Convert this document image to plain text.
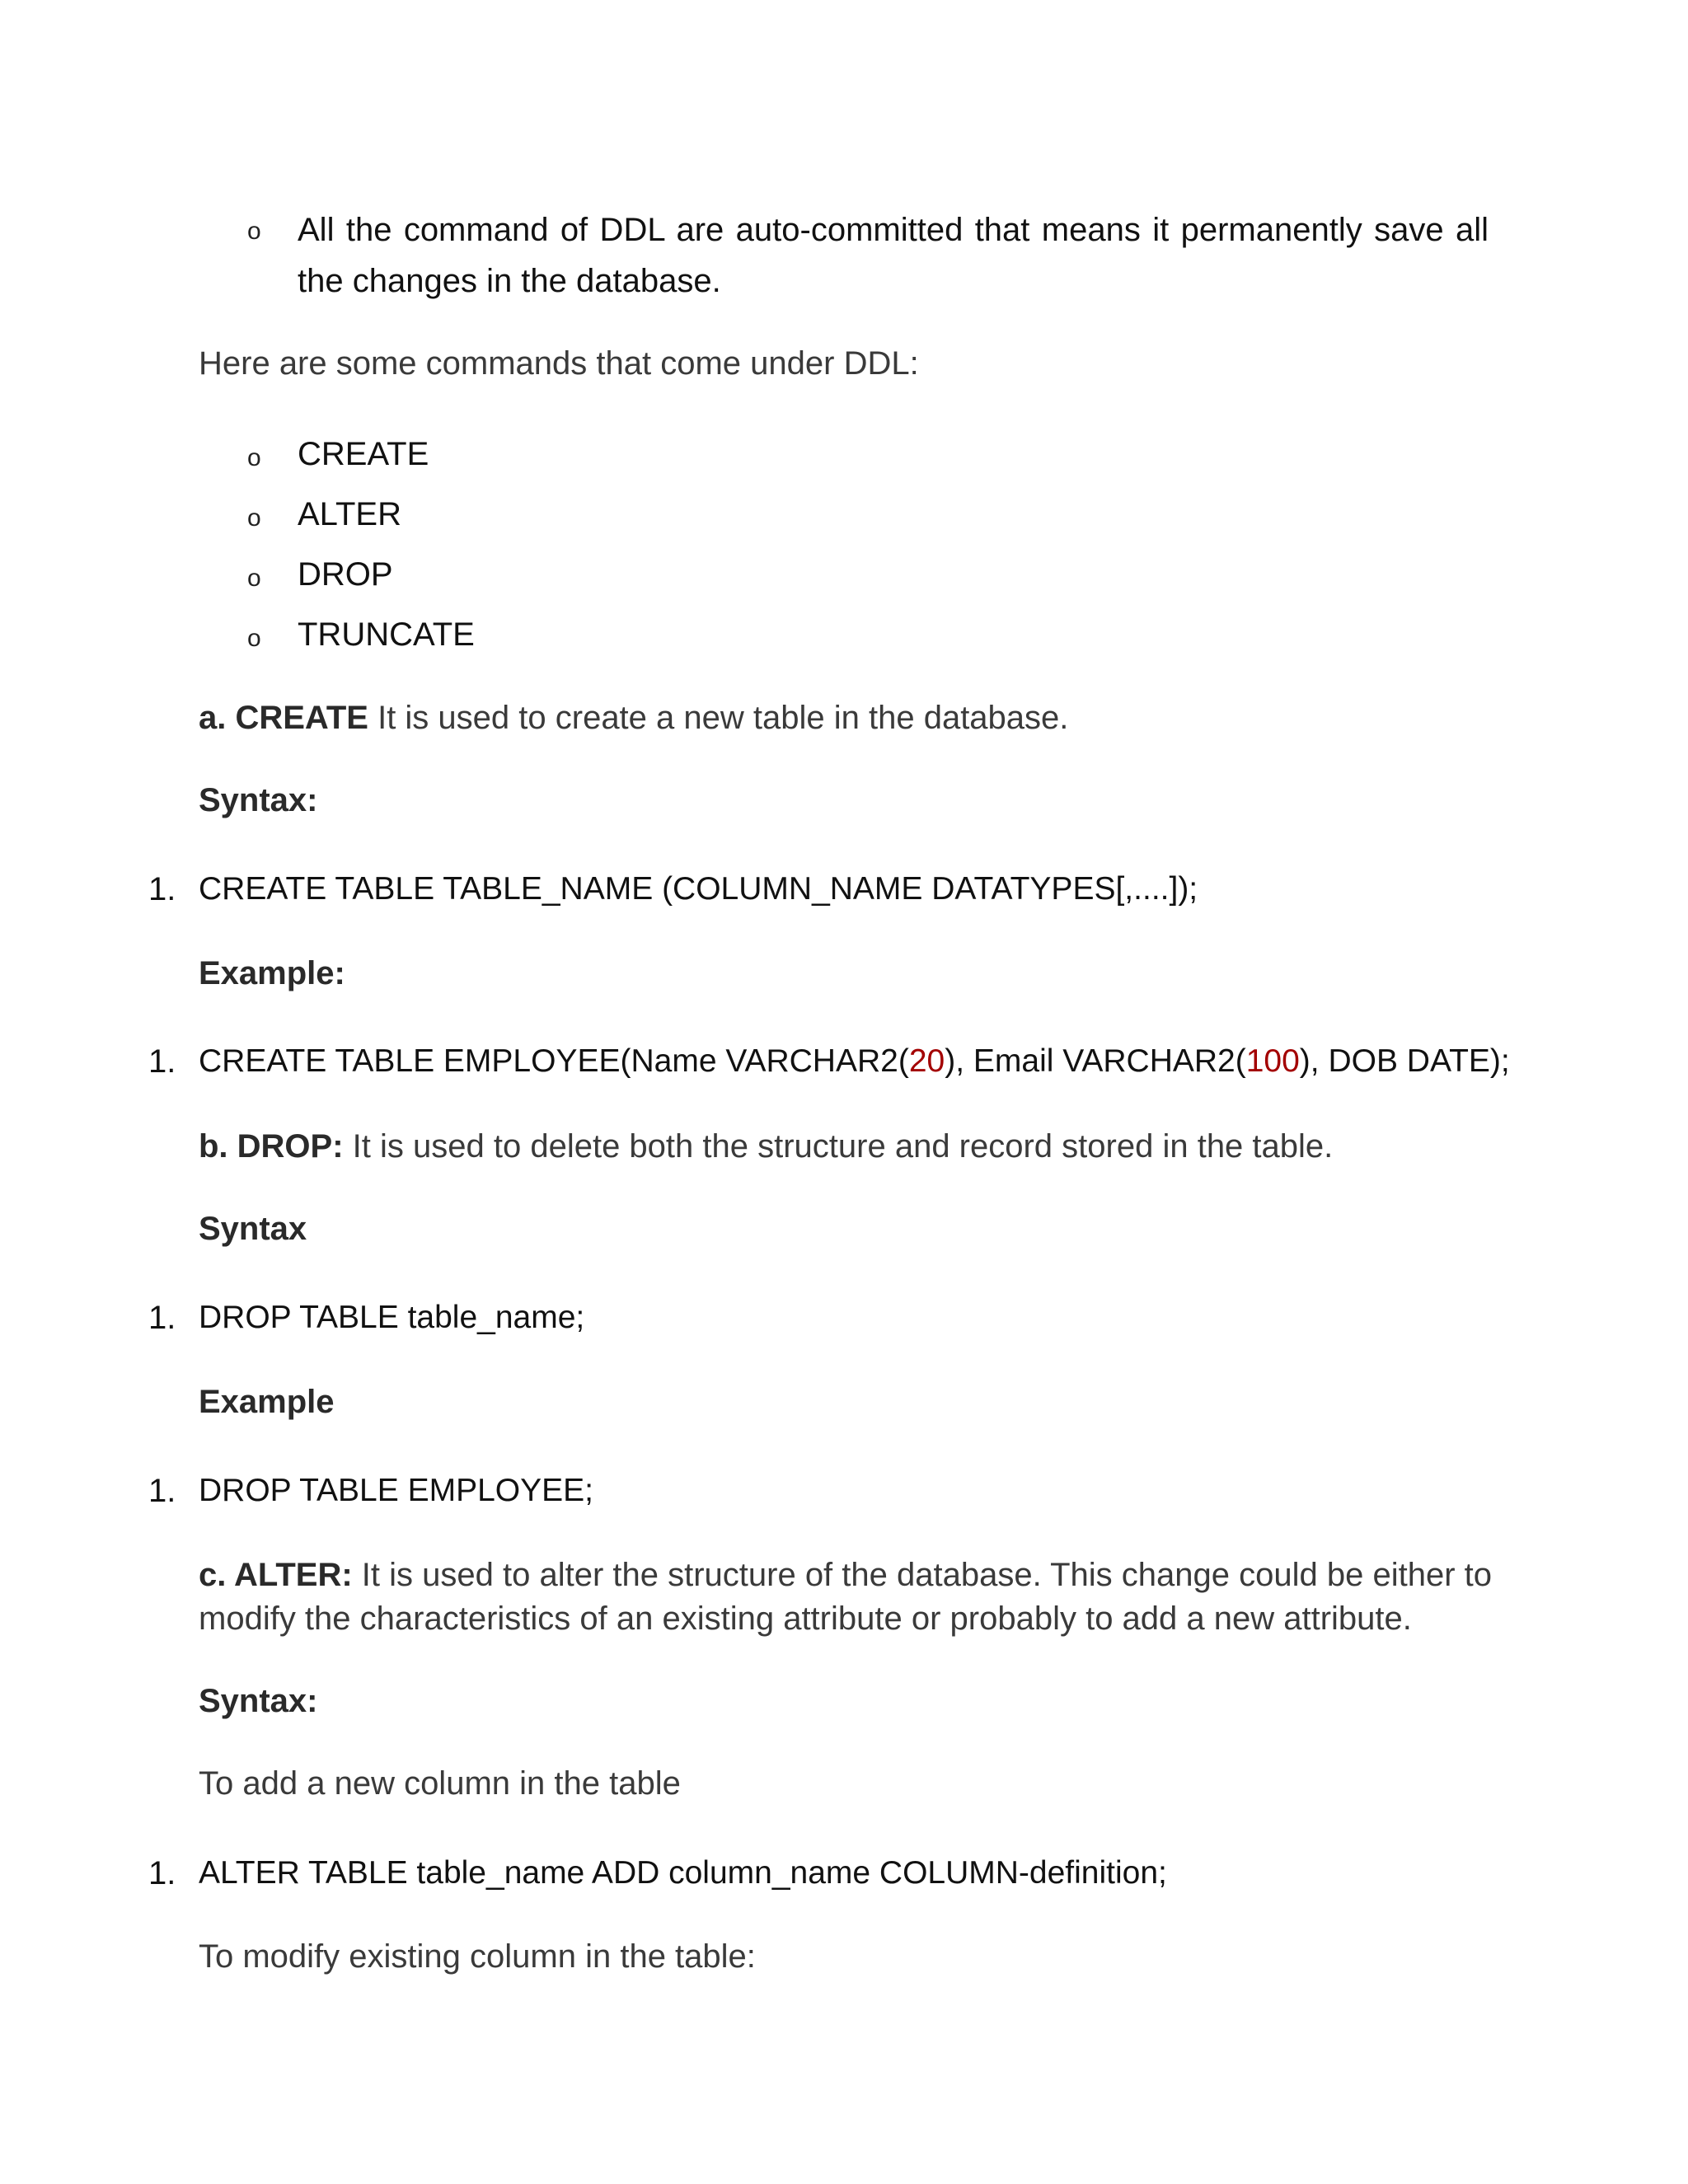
o All the command of DDL are auto-committed that means it permanently save all the changes in the database.

Here are some commands that come under DDL:

o CREATE

o ALTER

o DROP

o TRUNCATE

a. CREATE It is used to create a new table in the database.

Syntax:

1. CREATE TABLE TABLE_NAME (COLUMN_NAME DATATYPES[,....]);

Example:

1. CREATE TABLE EMPLOYEE(Name VARCHAR2(20), Email VARCHAR2(100), DOB DATE);

b. DROP: It is used to delete both the structure and record stored in the table.

Syntax

1. DROP TABLE table_name;

Example

1. DROP TABLE EMPLOYEE;

c. ALTER: It is used to alter the structure of the database. This change could be either to modify the characteristics of an existing attribute or probably to add a new attribute.

Syntax:

To add a new column in the table

1. ALTER TABLE table_name ADD column_name COLUMN-definition;

To modify existing column in the table:
